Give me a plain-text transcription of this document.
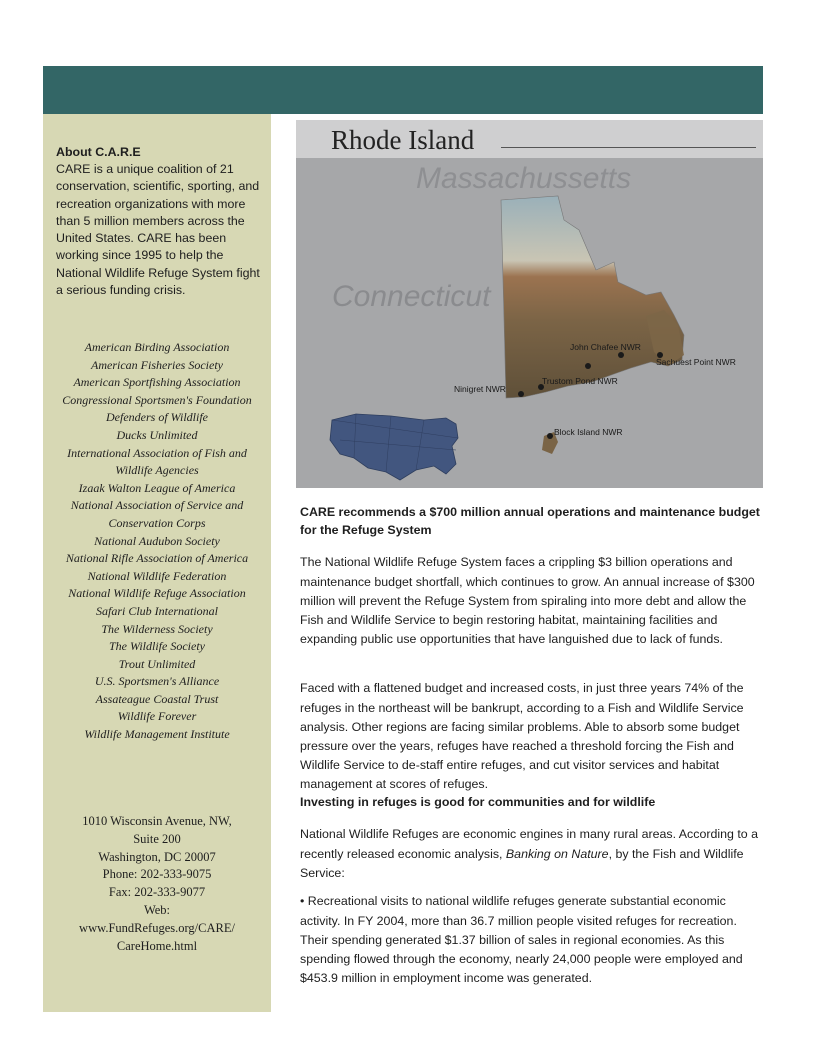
About C.A.R.E
CARE is a unique coalition of 21 conservation, scientific, sporting, and recreation organizations with more than 5 million members across the United States. CARE has been working since 1995 to help the National Wildlife Refuge System fight a serious funding crisis.
American Birding Association
American Fisheries Society
American Sportfishing Association
Congressional Sportsmen's Foundation
Defenders of Wildlife
Ducks Unlimited
International Association of Fish and Wildlife Agencies
Izaak Walton League of America
National Association of Service and Conservation Corps
National Audubon Society
National Rifle Association of America
National Wildlife Federation
National Wildlife Refuge Association
Safari Club International
The Wilderness Society
The Wildlife Society
Trout Unlimited
U.S. Sportsmen's Alliance
Assateague Coastal Trust
Wildlife Forever
Wildlife Management Institute
1010 Wisconsin Avenue, NW,
Suite 200
Washington, DC 20007
Phone: 202-333-9075
Fax: 202-333-9077
Web:
www.FundRefuges.org/CARE/ CareHome.html
Rhode Island
Massachussetts
Connecticut
John Chafee NWR
Sachuest Point NWR
Ninigret NWR
Trustom Pond NWR
Block Island NWR
CARE recommends a $700 million annual operations and maintenance budget for the Refuge System

The National Wildlife Refuge System faces a crippling $3 billion operations and maintenance budget shortfall, which continues to grow. An annual increase of $300 million will prevent the Refuge System from spiraling into more debt and allow the Fish and Wildlife Service to begin restoring habitat, maintaining facilities and expanding public use opportunities that have languished due to lack of funds.

Faced with a flattened budget and increased costs, in just three years 74% of the refuges in the northeast will be bankrupt, according to a Fish and Wildlife Service analysis. Other regions are facing similar problems. Able to absorb some budget pressure over the years, refuges have reached a threshold forcing the Fish and Wildlife Service to de-staff entire refuges, and cut visitor services and habitat management at scores of refuges.

Investing in refuges is good for communities and for wildlife

National Wildlife Refuges are economic engines in many rural areas. According to a recently released economic analysis, Banking on Nature, by the Fish and Wildlife Service:

• Recreational visits to national wildlife refuges generate substantial economic activity. In FY 2004, more than 36.7 million people visited refuges for recreation. Their spending generated $1.37 billion of sales in regional economies. As this spending flowed through the economy, nearly 24,000 people were employed and $453.9 million in employment income was generated.
